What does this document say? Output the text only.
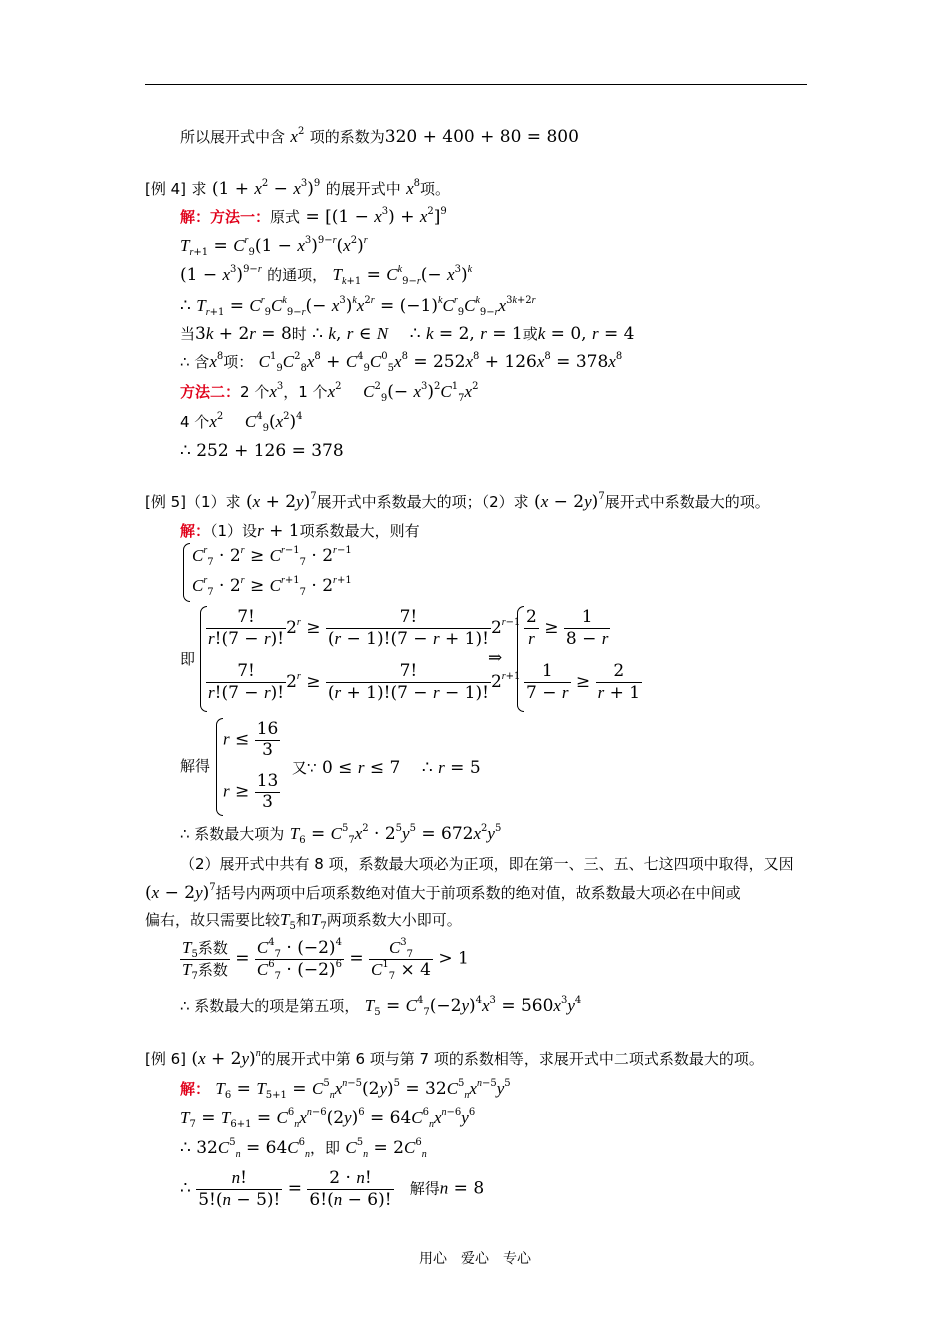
所以展开式中含 $x^2$ 项的系数为320 + 400 + 80 = 800
[例 4] 求 $(1 + x^2 - x^3)^9$ 的展开式中 $x^8$项。
解：方法一：原式 = $[(1 - x^3) + x^2]^9$
$T_{r+1} = C^r_9(1 - x^3)^{9-r}(x^2)^r$
$(1 - x^3)^{9-r}$ 的通项， $T_{k+1} = C^k_{9-r}(- x^3)^k$
∴ $T_{r+1} = C^r_9C^k_{9-r}(- x^3)^kx^{2r} = (-1)^kC^r_9C^k_{9-r}x^{3k+2r}$
当3k + 2r = 8时 ∴ k, r ∈ N    ∴ k = 2, r = 1或k = 0, r = 4
∴ 含$x^8$项： $C^1_9C^2_8x^8 + C^4_9C^0_5x^8 = 252x^8 + 126x^8 = 378x^8$
方法二：2 个$x^3$，1 个$x^2$ $C^2_9(- x^3)^2C^1_7x^2$
4 个$x^2$ $C^4_9(x^2)^4$
∴ 252 + 126 = 378
[例 5]（1）求 $(x + 2y)^7$展开式中系数最大的项；（2）求 $(x - 2y)^7$展开式中系数最大的项。
解：（1）设r + 1项系数最大，则有
$C^r_7 \cdot 2^r \ge C^{r-1}_7 \cdot 2^{r-1}$
$C^r_7 \cdot 2^r \ge C^{r+1}_7 \cdot 2^{r+1}$
即
$\frac{7!}{r!(7 - r)!} 2^r \ge \frac{7!}{(r - 1)!(7 - r + 1)!} 2^{r-1}$
$\frac{7!}{r!(7 - r)!} 2^r \ge \frac{7!}{(r + 1)!(7 - r - 1)!} 2^{r+1}$
⇒
$\frac{2}{r} \ge \frac{1}{8 - r}$
$\frac{1}{7 - r} \ge \frac{2}{r + 1}$
解得
$r \le \frac{16}{3}$
$r \ge \frac{13}{3}$
又∵ 0 ≤ r ≤ 7    ∴ r = 5
∴ 系数最大项为 $T_6 = C^5_7x^2 \cdot 2^5y^5 = 672x^2y^5$
（2）展开式中共有 8 项，系数最大项必为正项，即在第一、三、五、七这四项中取得，又因
$(x - 2y)^7$括号内两项中后项系数绝对值大于前项系数的绝对值，故系数最大项必在中间或
偏右，故只需要比较$T_5$和$T_7$两项系数大小即可。
$T_5$系数
$T_7$系数
= $\frac{C^4_7 \cdot (-2)^4}{C^6_7 \cdot (-2)^6} = \frac{C^3_7}{C^1_7 \times 4} > 1$
∴ 系数最大的项是第五项， $T_5 = C^4_7(-2y)^4x^3 = 560x^3y^4$
[例 6] $(x + 2y)^n$的展开式中第 6 项与第 7 项的系数相等，求展开式中二项式系数最大的项。
解： $T_6 = T_{5+1} = C^5_nx^{n-5}(2y)^5 = 32C^5_nx^{n-5}y^5$
$T_7 = T_{6+1} = C^6_nx^{n-6}(2y)^6 = 64C^6_nx^{n-6}y^6$
∴ $32C^5_n = 64C^6_n$，即 $C^5_n = 2C^6_n$
∴ $\frac{n!}{5!(n - 5)!} = \frac{2 \cdot n!}{6!(n - 6)!}$ 解得n = 8
用心　爱心　专心
